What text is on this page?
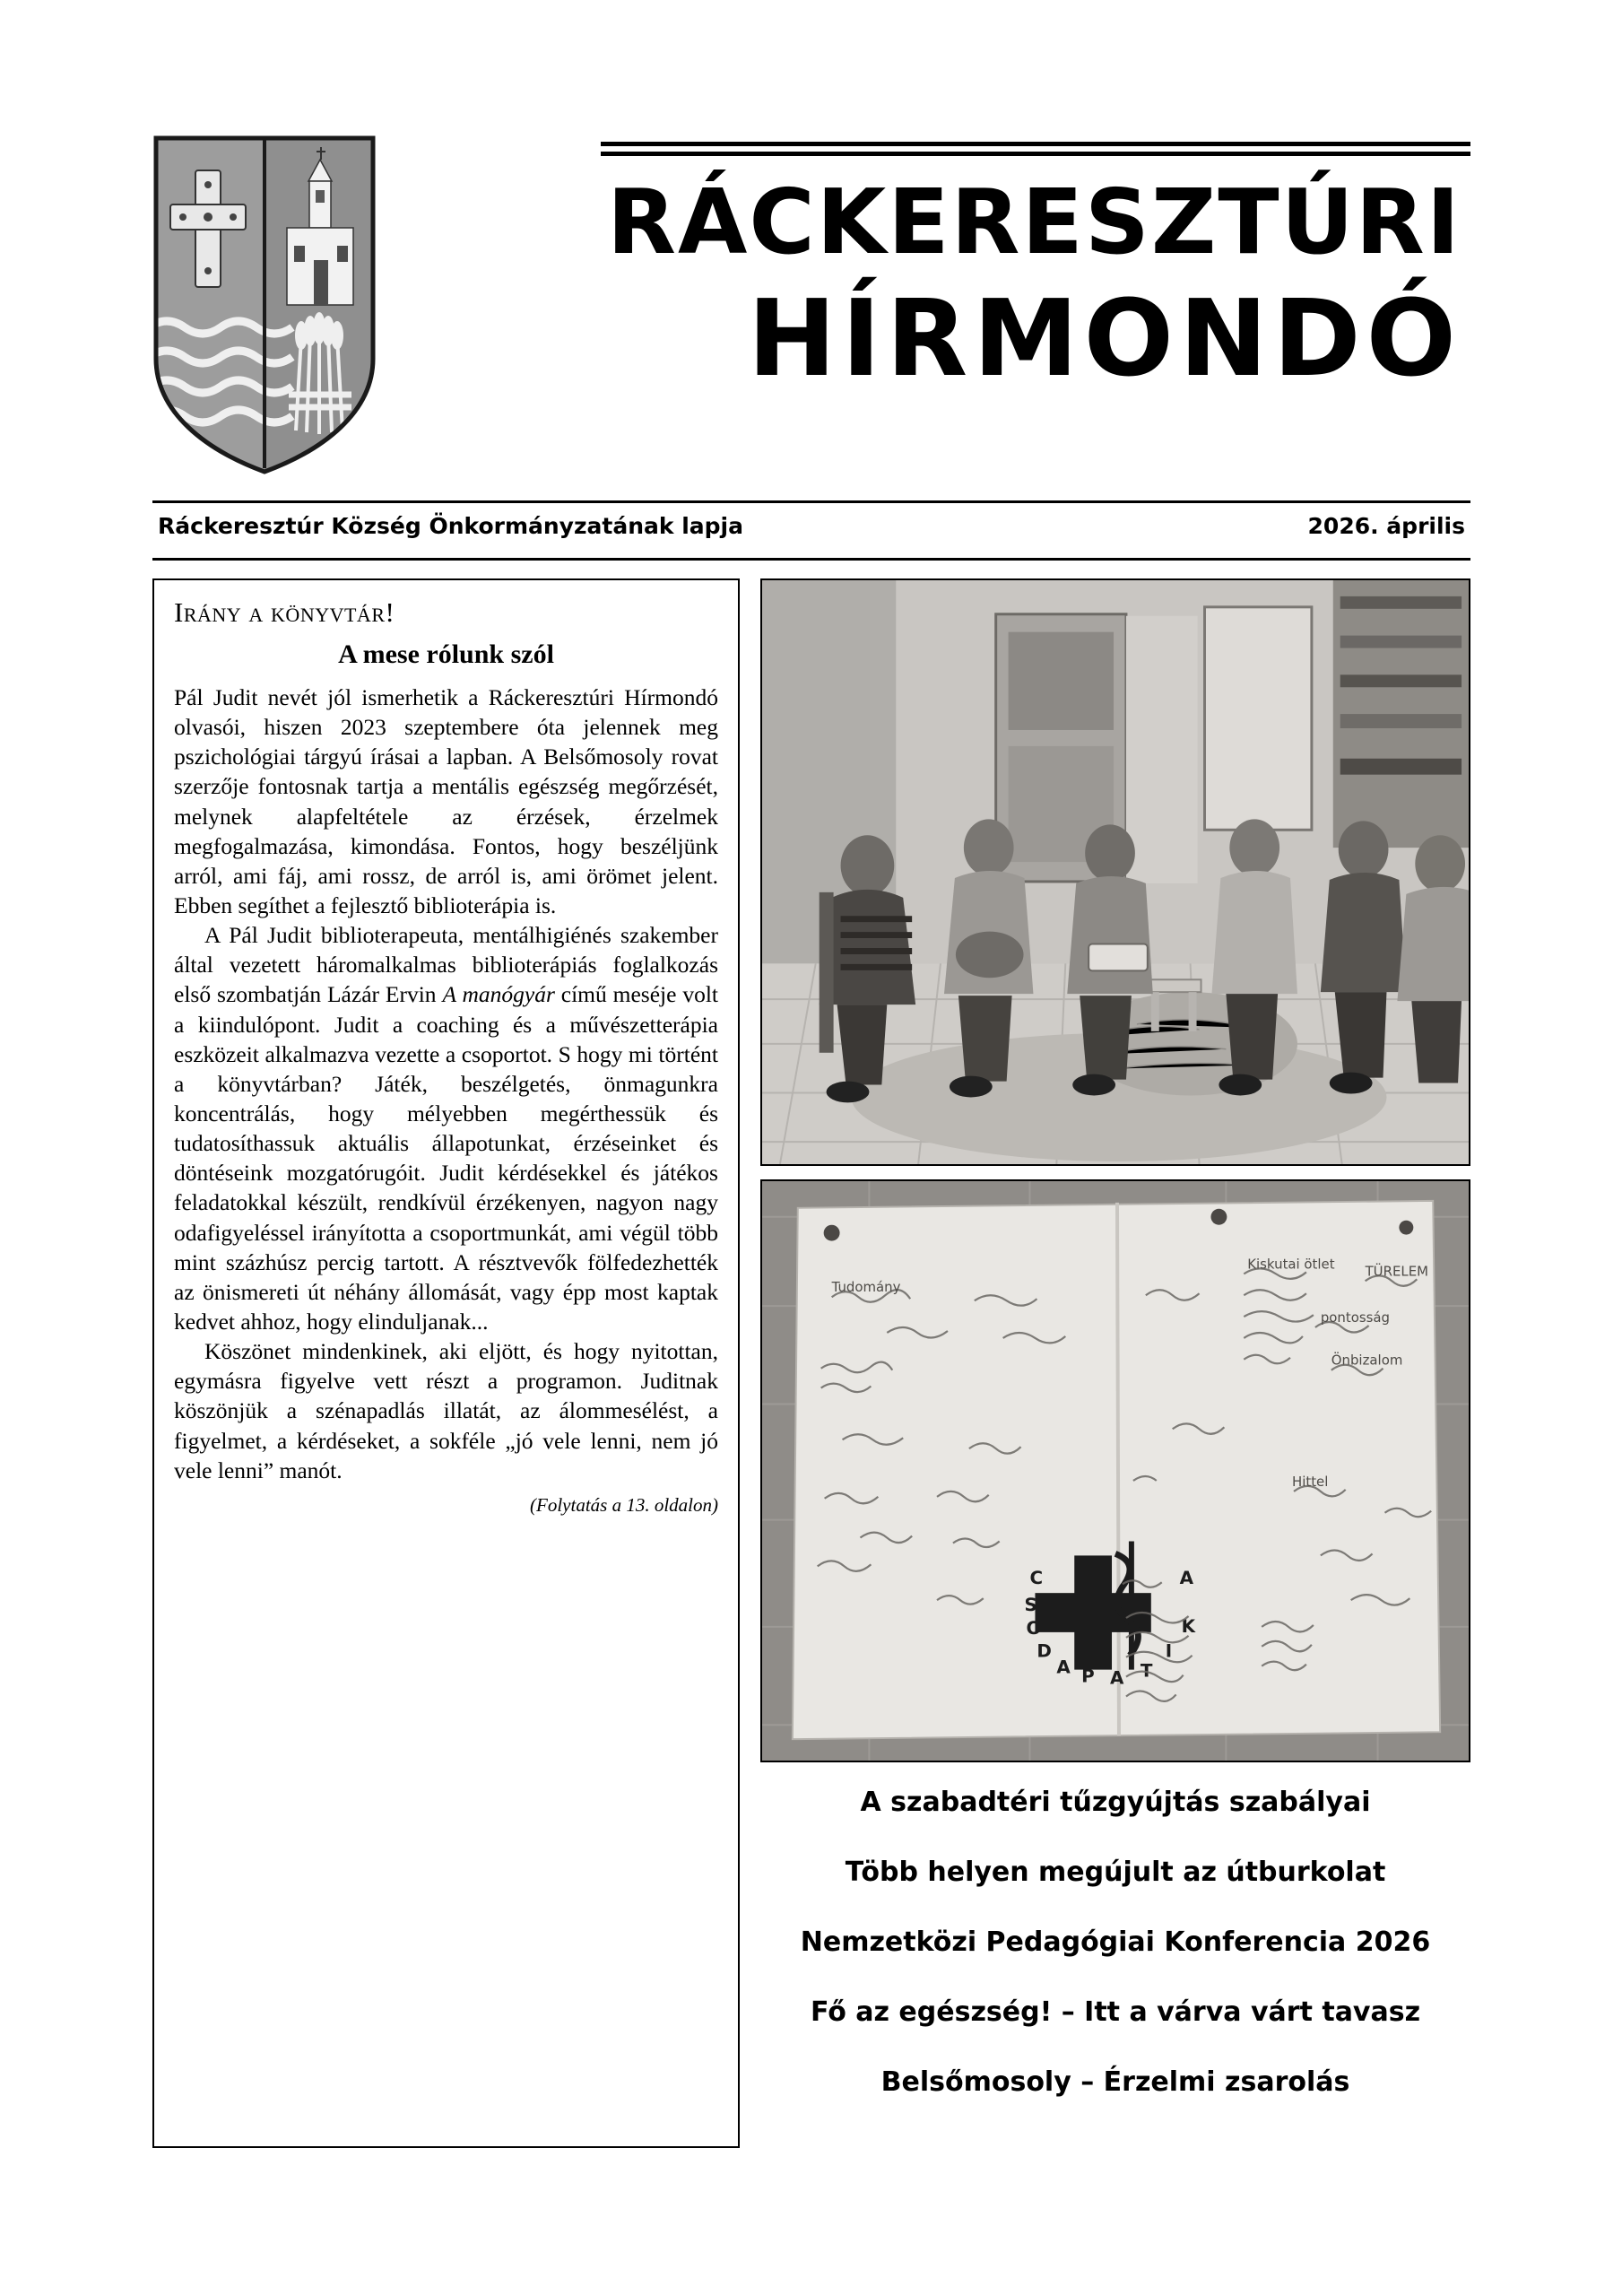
RÁCKERESZTÚRI
HÍRMONDÓ
Ráckeresztúr Község Önkormányzatának lapja	2026. április
Irány a könyvtár!
A mese rólunk szól

Pál Judit nevét jól ismerhetik a Ráckeresztúri Hírmondó olvasói, hiszen 2023 szeptembere óta jelennek meg pszichológiai tárgyú írásai a lapban. A Belsőmosoly rovat szerzője fontosnak tartja a mentális egészség megőrzését, melynek alapfeltétele az érzések, érzelmek megfogalmazása, kimondása. Fontos, hogy beszéljünk arról, ami fáj, ami rossz, de arról is, ami örömet jelent. Ebben segíthet a fejlesztő biblioterápia is.

A Pál Judit biblioterapeuta, mentálhigiénés szakember által vezetett háromalkalmas biblioterápiás foglalkozás első szombatján Lázár Ervin A manógyár című meséje volt a kiindulópont. Judit a coaching és a művészetterápia eszközeit alkalmazva vezette a csoportot. S hogy mi történt a könyvtárban? Játék, beszélgetés, önmagunkra koncentrálás, hogy mélyebben megérthessük és tudatosíthassuk aktuális állapotunkat, érzéseinket és döntéseink mozgatórugóit. Judit kérdésekkel és játékos feladatokkal készült, rendkívül érzékenyen, nagyon nagy odafigyeléssel irányította a csoportmunkát, ami végül több mint százhúsz percig tartott. A résztvevők fölfedezhették az önismereti út néhány állomását, vagy épp most kaptak kedvet ahhoz, hogy elinduljanak...

Köszönet mindenkinek, aki eljött, és hogy nyitottan, egymásra figyelve vett részt a programon. Juditnak köszönjük a szénapadlás illatát, az álommesélést, a figyelmet, a kérdéseket, a sokféle „jó vele lenni, nem jó vele lenni” manót.

(Folytatás a 13. oldalon)
C
S
O
D
A P A T
I
K
A
Tudomány
Kiskutai ötlet TÜRELEM
pontosság
Önbizalom
Hittel
A szabadtéri tűzgyújtás szabályai
Több helyen megújult az útburkolat
Nemzetközi Pedagógiai Konferencia 2026
Fő az egészség! – Itt a várva várt tavasz
Belsőmosoly – Érzelmi zsarolás
